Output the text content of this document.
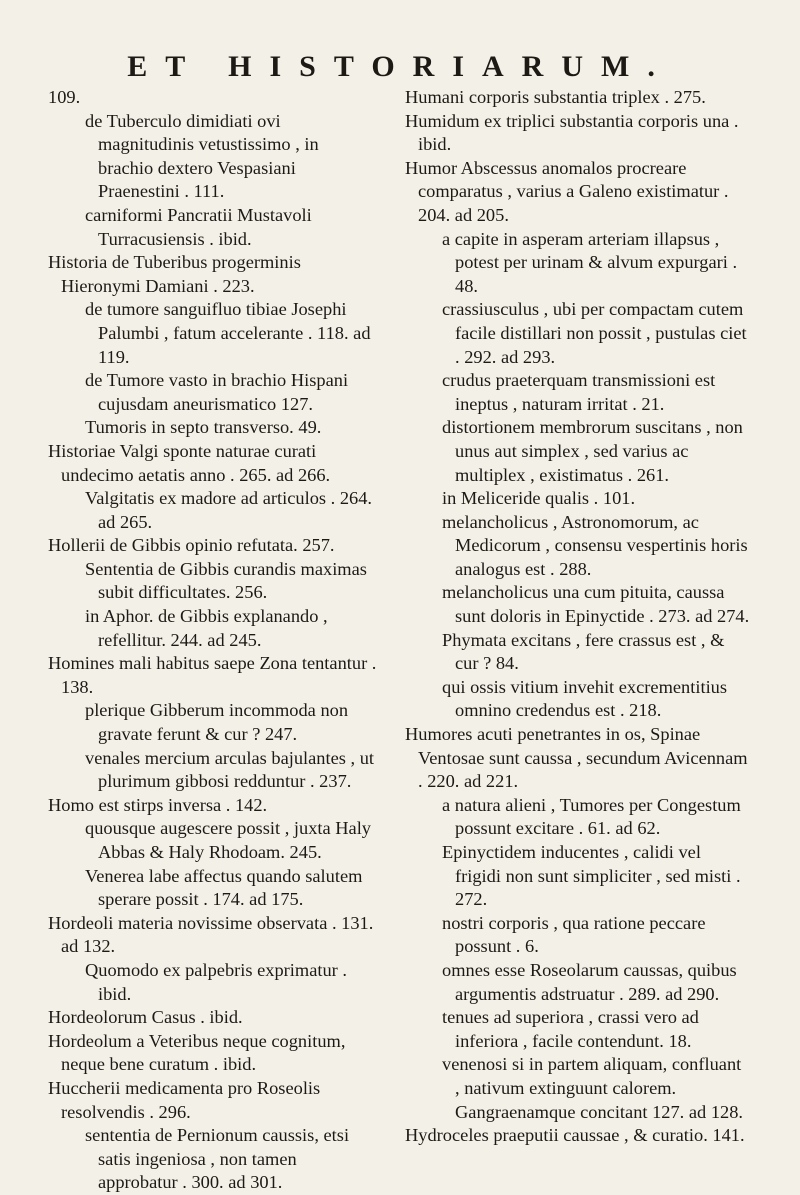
ET HISTORIARUM.
109.
de Tuberculo dimidiati ovi magnitudinis vetustissimo , in brachio dextero Vespasiani Praenestini . 111.
carniformi Pancratii Mustavoli Turracusiensis . ibid.
Historia de Tuberibus progerminis Hieronymi Damiani . 223.
de tumore sanguifluo tibiae Josephi Palumbi , fatum accelerante . 118. ad 119.
de Tumore vasto in brachio Hispani cujusdam aneurismatico 127.
Tumoris in septo transverso. 49.
Historiae Valgi sponte naturae curati undecimo aetatis anno . 265. ad 266.
Valgitatis ex madore ad articulos . 264. ad 265.
Hollerii de Gibbis opinio refutata. 257.
Sententia de Gibbis curandis maximas subit difficultates. 256.
in Aphor. de Gibbis explanando , refellitur. 244. ad 245.
Homines mali habitus saepe Zona tentantur . 138.
plerique Gibberum incommoda non gravate ferunt & cur ? 247.
venales mercium arculas bajulantes , ut plurimum gibbosi redduntur . 237.
Homo est stirps inversa . 142.
quousque augescere possit , juxta Haly Abbas & Haly Rhodoam. 245.
Venerea labe affectus quando salutem sperare possit . 174. ad 175.
Hordeoli materia novissime observata . 131. ad 132.
Quomodo ex palpebris exprimatur . ibid.
Hordeolorum Casus . ibid.
Hordeolum a Veteribus neque cognitum, neque bene curatum . ibid.
Huccherii medicamenta pro Roseolis resolvendis . 296.
sententia de Pernionum caussis, etsi satis ingeniosa , non tamen approbatur . 300. ad 301.
Humani corporis substantia triplex . 275.
Humidum ex triplici substantia corporis una . ibid.
Humor Abscessus anomalos procreare comparatus , varius a Galeno existimatur . 204. ad 205.
a capite in asperam arteriam illapsus , potest per urinam & alvum expurgari . 48.
crassiusculus , ubi per compactam cutem facile distillari non possit , pustulas ciet . 292. ad 293.
crudus praeterquam transmissioni est ineptus , naturam irritat . 21.
distortionem membrorum suscitans , non unus aut simplex , sed varius ac multiplex , existimatus . 261.
in Meliceride qualis . 101.
melancholicus , Astronomorum, ac Medicorum , consensu vespertinis horis analogus est . 288.
melancholicus una cum pituita, caussa sunt doloris in Epinyctide . 273. ad 274.
Phymata excitans , fere crassus est , & cur ? 84.
qui ossis vitium invehit excrementitius omnino credendus est . 218.
Humores acuti penetrantes in os, Spinae Ventosae sunt caussa , secundum Avicennam . 220. ad 221.
a natura alieni , Tumores per Congestum possunt excitare . 61. ad 62.
Epinyctidem inducentes , calidi vel frigidi non sunt simpliciter , sed misti . 272.
nostri corporis , qua ratione peccare possunt . 6.
omnes esse Roseolarum caussas, quibus argumentis adstruatur . 289. ad 290.
tenues ad superiora , crassi vero ad inferiora , facile contendunt. 18.
venenosi si in partem aliquam, confluant , nativum extinguunt calorem. Gangraenamque concitant 127. ad 128.
Hydroceles praeputii caussae , & curatio. 141.
